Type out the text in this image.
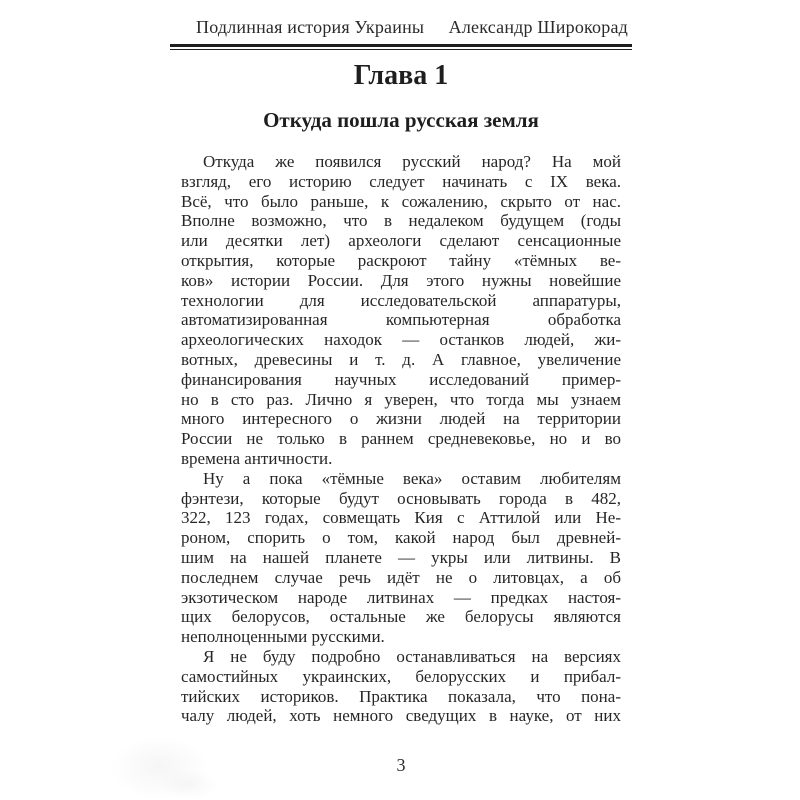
Подлинная история Украины Александр Широкорад
Глава 1
Откуда пошла русская земля
Откуда же появился русский народ? На мой
взгляд, его историю следует начинать с IX века.
Всё, что было раньше, к сожалению, скрыто от нас.
Вполне возможно, что в недалеком будущем (годы
или десятки лет) археологи сделают сенсационные
открытия, которые раскроют тайну «тёмных ве-
ков» истории России. Для этого нужны новейшие
технологии для исследовательской аппаратуры,
автоматизированная компьютерная обработка
археологических находок — останков людей, жи-
вотных, древесины и т. д. А главное, увеличение
финансирования научных исследований пример-
но в сто раз. Лично я уверен, что тогда мы узнаем
много интересного о жизни людей на территории
России не только в раннем средневековье, но и во
времена античности.
Ну а пока «тёмные века» оставим любителям
фэнтези, которые будут основывать города в 482,
322, 123 годах, совмещать Кия с Аттилой или Не-
роном, спорить о том, какой народ был древней-
шим на нашей планете — укры или литвины. В
последнем случае речь идёт не о литовцах, а об
экзотическом народе литвинах — предках настоя-
щих белорусов, остальные же белорусы являются
неполноценными русскими.
Я не буду подробно останавливаться на версиях
самостийных украинских, белорусских и прибал-
тийских историков. Практика показала, что пона-
чалу людей, хоть немного сведущих в науке, от них
3
